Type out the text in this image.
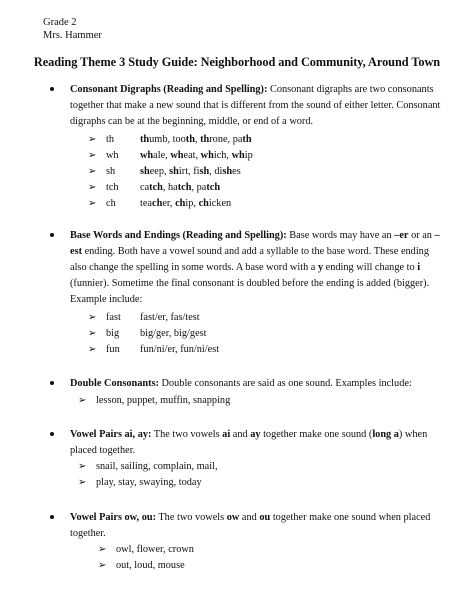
Grade 2
Mrs. Hammer
Reading Theme 3 Study Guide: Neighborhood and Community, Around Town
Consonant Digraphs (Reading and Spelling): Consonant digraphs are two consonants
together that make a new sound that is different from the sound of either letter. Consonant
digraphs can be at the beginning, middle, or end of a word.
➢ th	thumb, tooth, throne, path
➢ wh whale, wheat, which, whip
➢ sh sheep, shirt, fish, dishes
➢ tch catch, hatch, patch
➢ ch teacher, chip, chicken
Base Words and Endings (Reading and Spelling): Base words may have an –er or an –
est ending. Both have a vowel sound and add a syllable to the base word. These ending
also change the spelling in some words. A base word with a y ending will change to i
(funnier). Sometime the final consonant is doubled before the ending is added (bigger).
Example include:
➢ fast fast/er, fas/test
➢ big big/ger, big/gest
➢ fun fun/ni/er, fun/ni/est
Double Consonants: Double consonants are said as one sound. Examples include:
➢ lesson, puppet, muffin, snapping
Vowel Pairs ai, ay: The two vowels ai and ay together make one sound (long a) when
placed together.
➢ snail, sailing, complain, mail,
➢ play, stay, swaying, today
Vowel Pairs ow, ou: The two vowels ow and ou together make one sound when placed
together.
➢ owl, flower, crown
➢ out, loud, mouse
